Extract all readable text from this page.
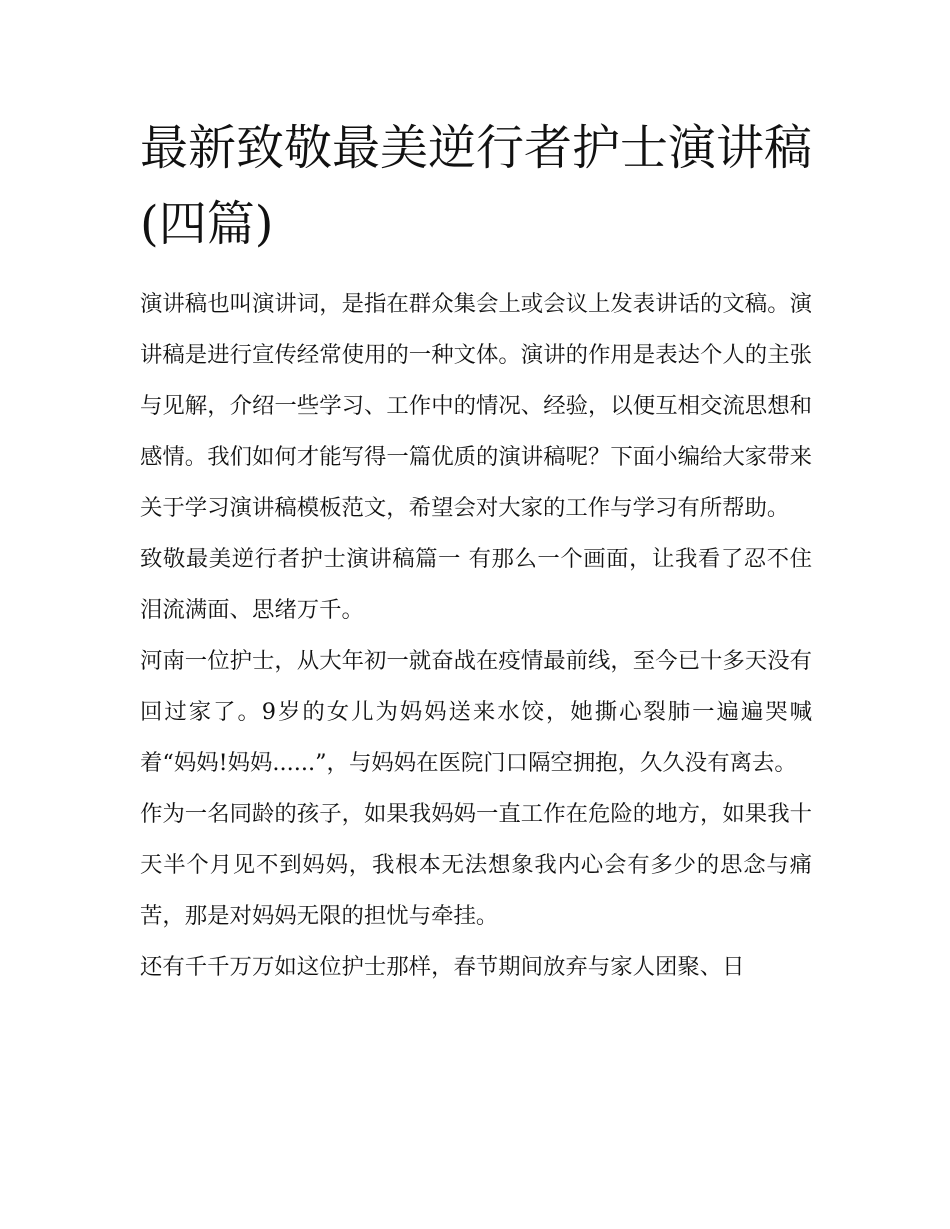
最新致敬最美逆行者护士演讲稿(四篇)

演讲稿也叫演讲词，是指在群众集会上或会议上发表讲话的文稿。演讲稿是进行宣传经常使用的一种文体。演讲的作用是表达个人的主张与见解，介绍一些学习、工作中的情况、经验，以便互相交流思想和感情。我们如何才能写得一篇优质的演讲稿呢？下面小编给大家带来关于学习演讲稿模板范文，希望会对大家的工作与学习有所帮助。

致敬最美逆行者护士演讲稿篇一 有那么一个画面，让我看了忍不住泪流满面、思绪万千。

河南一位护士，从大年初一就奋战在疫情最前线，至今已十多天没有回过家了。9岁的女儿为妈妈送来水饺，她撕心裂肺一遍遍哭喊着“妈妈!妈妈......”，与妈妈在医院门口隔空拥抱，久久没有离去。

作为一名同龄的孩子，如果我妈妈一直工作在危险的地方，如果我十天半个月见不到妈妈，我根本无法想象我内心会有多少的思念与痛苦，那是对妈妈无限的担忧与牵挂。

还有千千万万如这位护士那样，春节期间放弃与家人团聚、日
